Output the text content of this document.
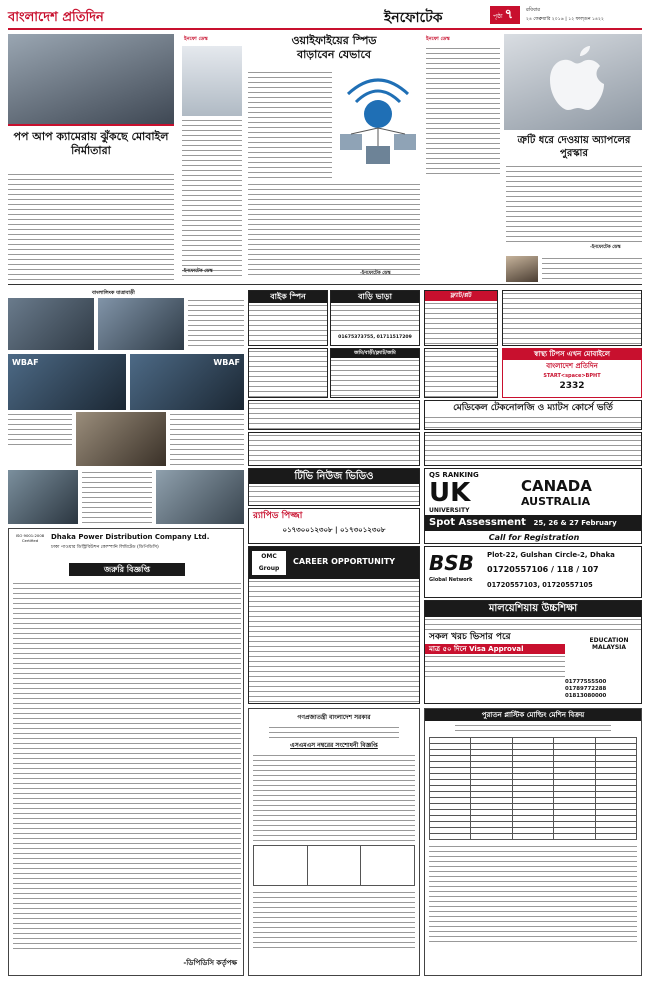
বাংলাদেশ প্রতিদিন	ইনফোটেক	পৃষ্ঠা ৭	রবিবার
২৪ ফেব্রুয়ারি ২০১৬ | ১২ ফাল্গুন ১৪২২
পপ আপ ক্যামেরায় ঝুঁকছে মোবাইল নির্মাতারা
ইনফো ডেস্ক
-ইনফোটেক ডেস্ক
ওয়াইফাইয়ের স্পিড
বাড়াবেন যেভাবে
-ইনফোটেক ডেস্ক
ইনফো ডেস্ক
ত্রুটি ধরে দেওয়ায় অ্যাপলের পুরস্কার
-ইনফোটেক ডেস্ক
বাংলালিংক যাত্রাবাড়ী
WBAF	WBAF
বাইক স্পিন	বাড়ি ভাড়া
01675373755, 01711517209
ফ্ল্যাট/প্লট
জমি/বাড়ী/ফ্ল্যাট/জমি	স্বাস্থ্য টিপস এখন মোবাইলে
বাংলাদেশ প্রতিদিন
START<space>BPHT
2332
মেডিকেল টেকনোলজি ও ম্যাটস কোর্সে ভর্তি
টিভি নিউজ ভিডিও
র‍্যাপিড পিজ্জা
০১৭৩০০১২৩০৮ | ০১৭৩০১২৩০৮
QS RANKING
UK
UNIVERSITY
CANADA
AUSTRALIA
Spot Assessment 25, 26 & 27 February
Call for Registration
OMC Group
CAREER OPPORTUNITY BSB
Global Network
Plot-22, Gulshan Circle-2, Dhaka
01720557106 / 118 / 107
01720557103, 01720557105
মালয়েশিয়ায় উচ্চশিক্ষা
সকল খরচ ভিসার পরে
মাত্র ৫০ দিনে Visa Approval
EDUCATION MALAYSIA
01777555500
01789772288
01813080000
ISO 9001:2008 Certified	Dhaka Power Distribution Company Ltd.
ঢাকা পাওয়ার ডিস্ট্রিবিউশন কোম্পানি লিমিটেড (ডিপিডিসি)
জরুরি বিজ্ঞপ্তি
-ডিপিডিসি কর্তৃপক্ষ
গণপ্রজাতন্ত্রী বাংলাদেশ সরকার
এসএমএস নম্বরের সংশোধনী বিজ্ঞপ্তি

পুরাতন প্লাস্টিক মোল্ডিং মেশিন বিক্রয়
